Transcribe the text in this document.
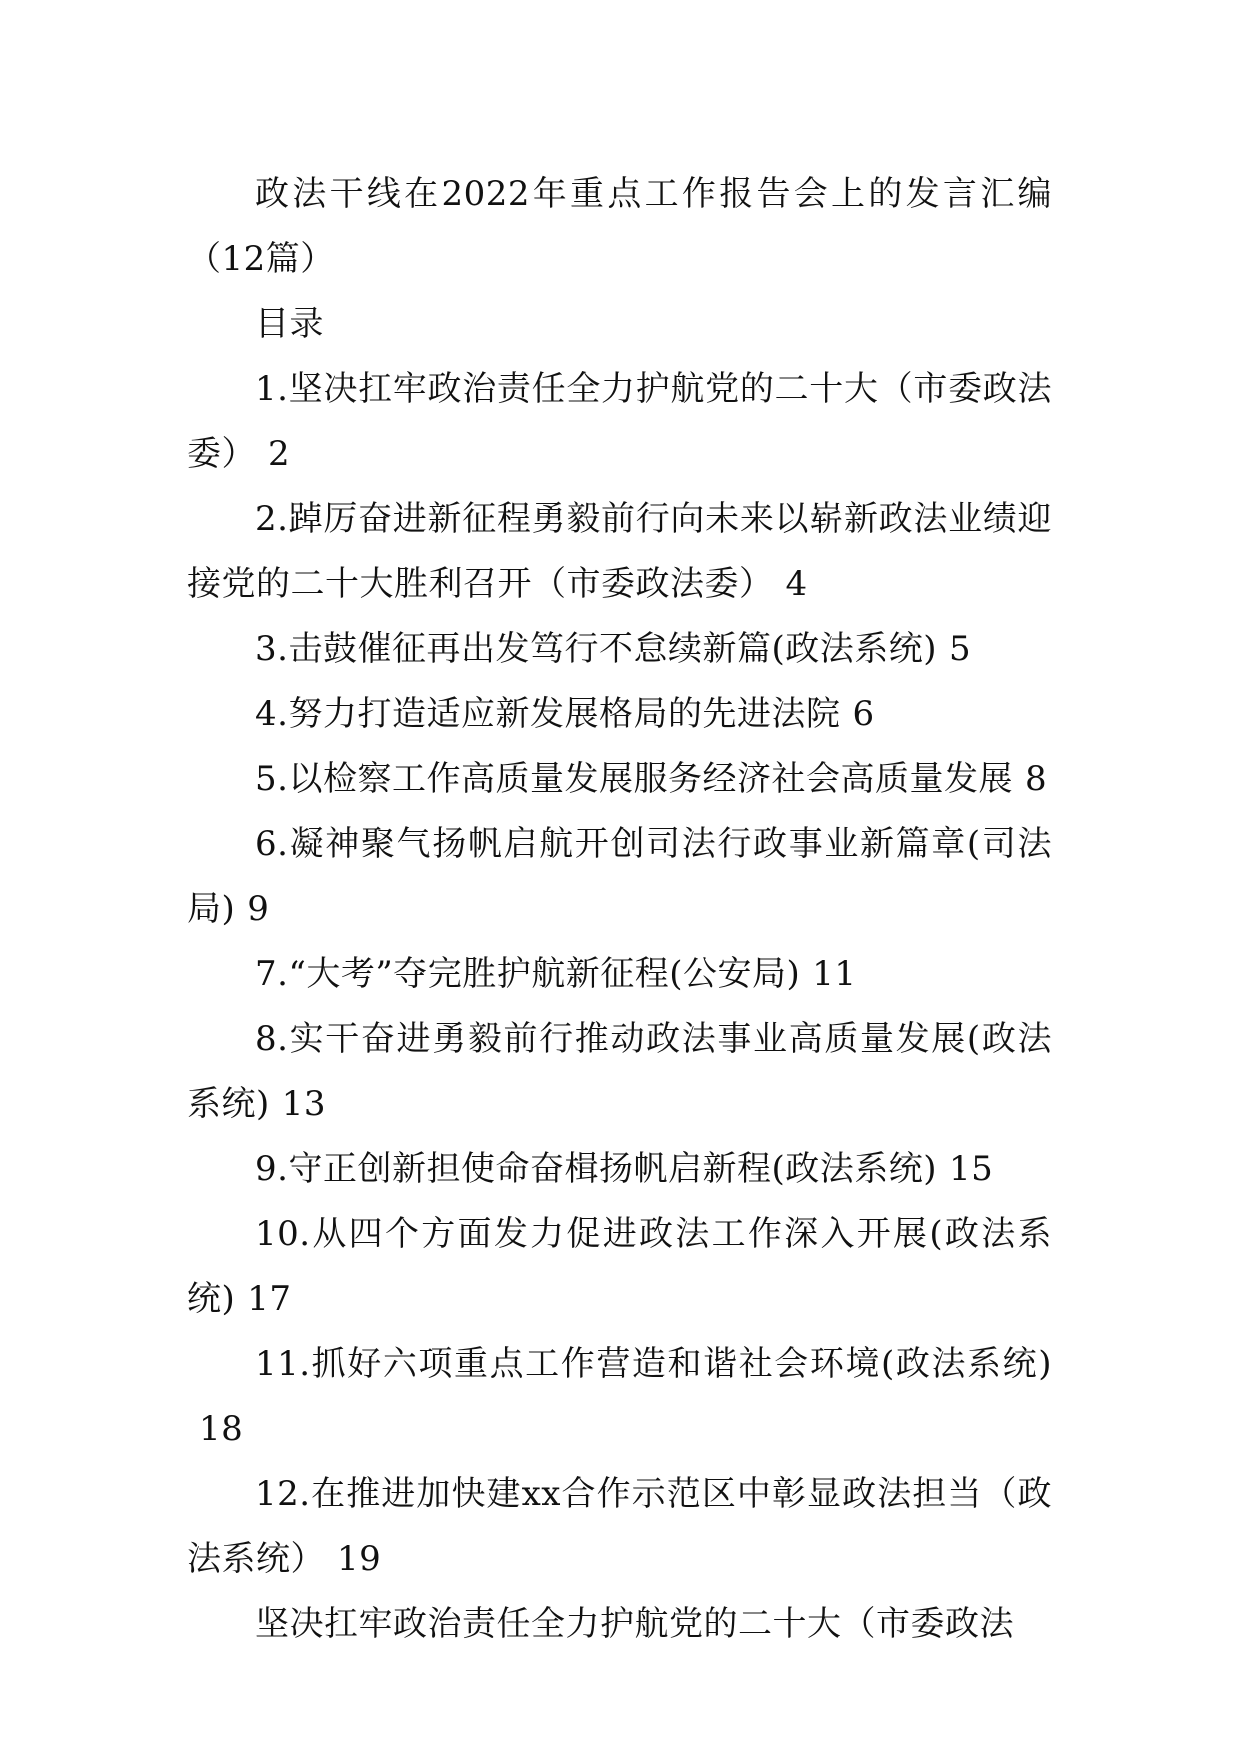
政法干线在2022年重点工作报告会上的发言汇编（12篇）

目录

1.坚决扛牢政治责任全力护航党的二十大（市委政法委） 2

2.踔厉奋进新征程勇毅前行向未来以崭新政法业绩迎接党的二十大胜利召开（市委政法委） 4

3.击鼓催征再出发笃行不怠续新篇(政法系统) 5

4.努力打造适应新发展格局的先进法院 6

5.以检察工作高质量发展服务经济社会高质量发展 8

6.凝神聚气扬帆启航开创司法行政事业新篇章(司法局) 9

7.“大考”夺完胜护航新征程(公安局) 11

8.实干奋进勇毅前行推动政法事业高质量发展(政法系统) 13

9.守正创新担使命奋楫扬帆启新程(政法系统) 15

10.从四个方面发力促进政法工作深入开展(政法系统) 17

11.抓好六项重点工作营造和谐社会环境(政法系统)18

12.在推进加快建xx合作示范区中彰显政法担当（政法系统） 19

坚决扛牢政治责任全力护航党的二十大（市委政法
